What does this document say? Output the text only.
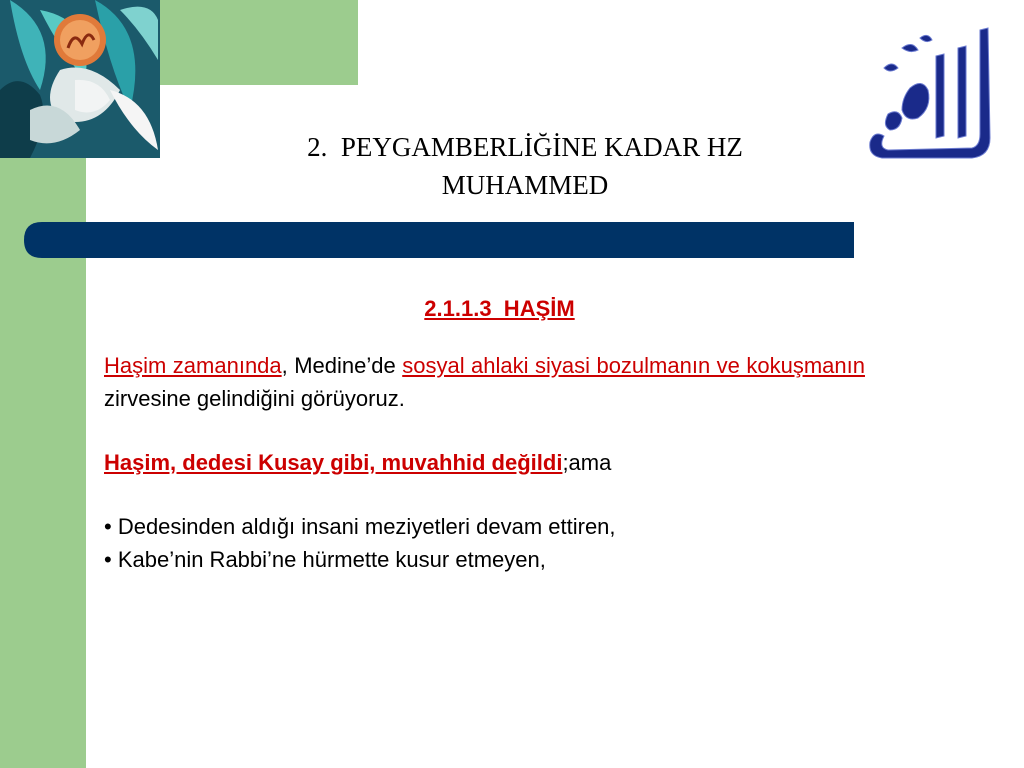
2.  PEYGAMBERLİĞİNE KADAR HZ
MUHAMMED
2.1.1.3  HAŞİM

Haşim zamanında, Medine’de sosyal ahlaki siyasi bozulmanın ve kokuşmanın zirvesine gelindiğini görüyoruz.

Haşim, dedesi Kusay gibi, muvahhid değildi;ama

• Dedesinden aldığı insani meziyetleri devam ettiren,

• Kabe’nin Rabbi’ne hürmette kusur etmeyen,
